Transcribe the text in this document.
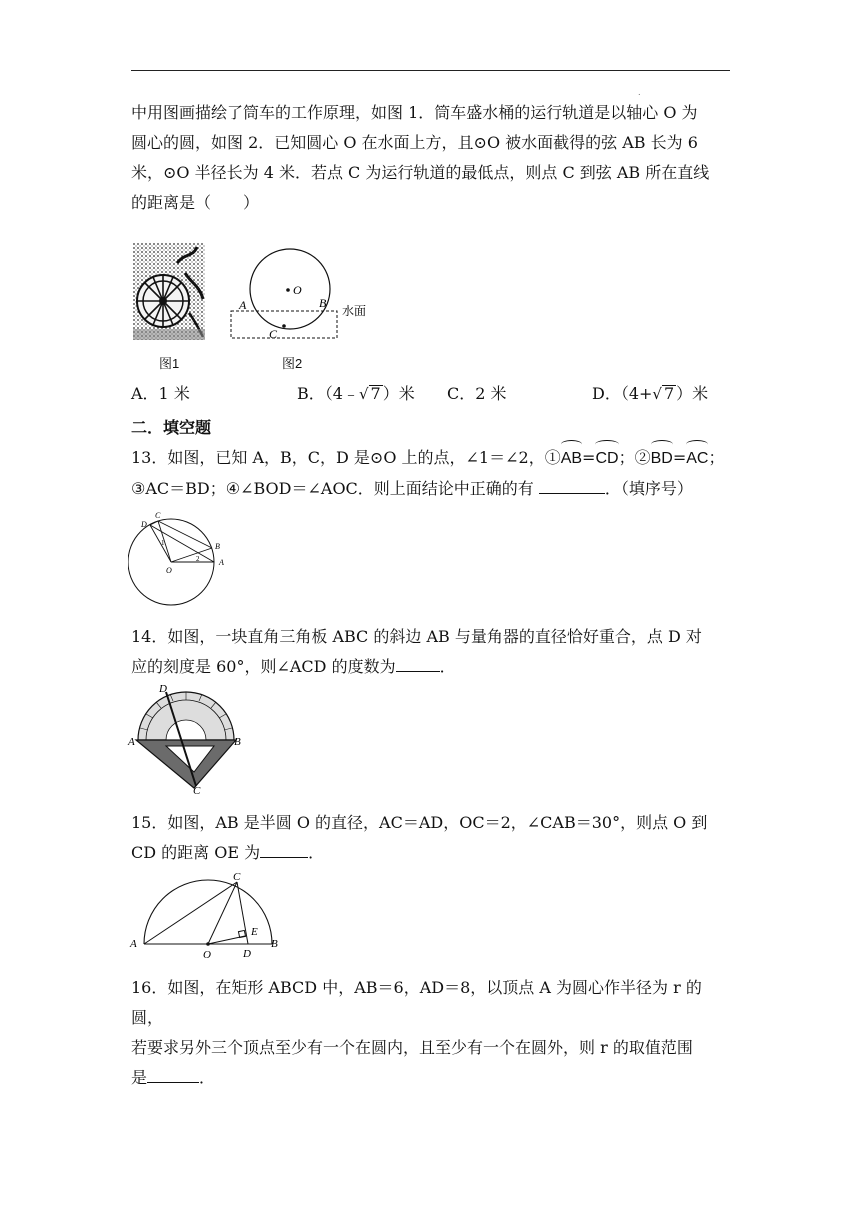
.
中用图画描绘了筒车的工作原理，如图 1．筒车盛水桶的运行轨道是以轴心 O 为
圆心的圆，如图 2．已知圆心 O 在水面上方，且⊙O 被水面截得的弦 AB 长为 6
米，⊙O 半径长为 4 米．若点 C 为运行轨道的最低点，则点 C 到弦 AB 所在直线
的距离是（　　）
图1
O
A	B
C
水面
图2
A．1 米	B．（4﹣√ 7 ）米 C．2 米	D．（4+√ 7 ）米
二．填空题
13．如图，已知 A，B，C，D 是⊙O 上的点，∠1＝∠2，①AB=CD；②BD=AC；
③AC＝BD；④∠BOD＝∠AOC．则上面结论中正确的有	．（填序号）
C
D
B
A
O
1
2
14．如图，一块直角三角板 ABC 的斜边 AB 与量角器的直径恰好重合，点 D 对
应的刻度是 60°，则∠ACD 的度数为	．
D
A	B
C
15．如图，AB 是半圆 O 的直径，AC＝AD，OC＝2，∠CAB＝30°，则点 O 到
CD 的距离 OE 为	．
C
A
O	D
E
B
16．如图，在矩形 ABCD 中，AB＝6，AD＝8，以顶点 A 为圆心作半径为 r 的圆，
若要求另外三个顶点至少有一个在圆内，且至少有一个在圆外，则 r 的取值范围
是	．
